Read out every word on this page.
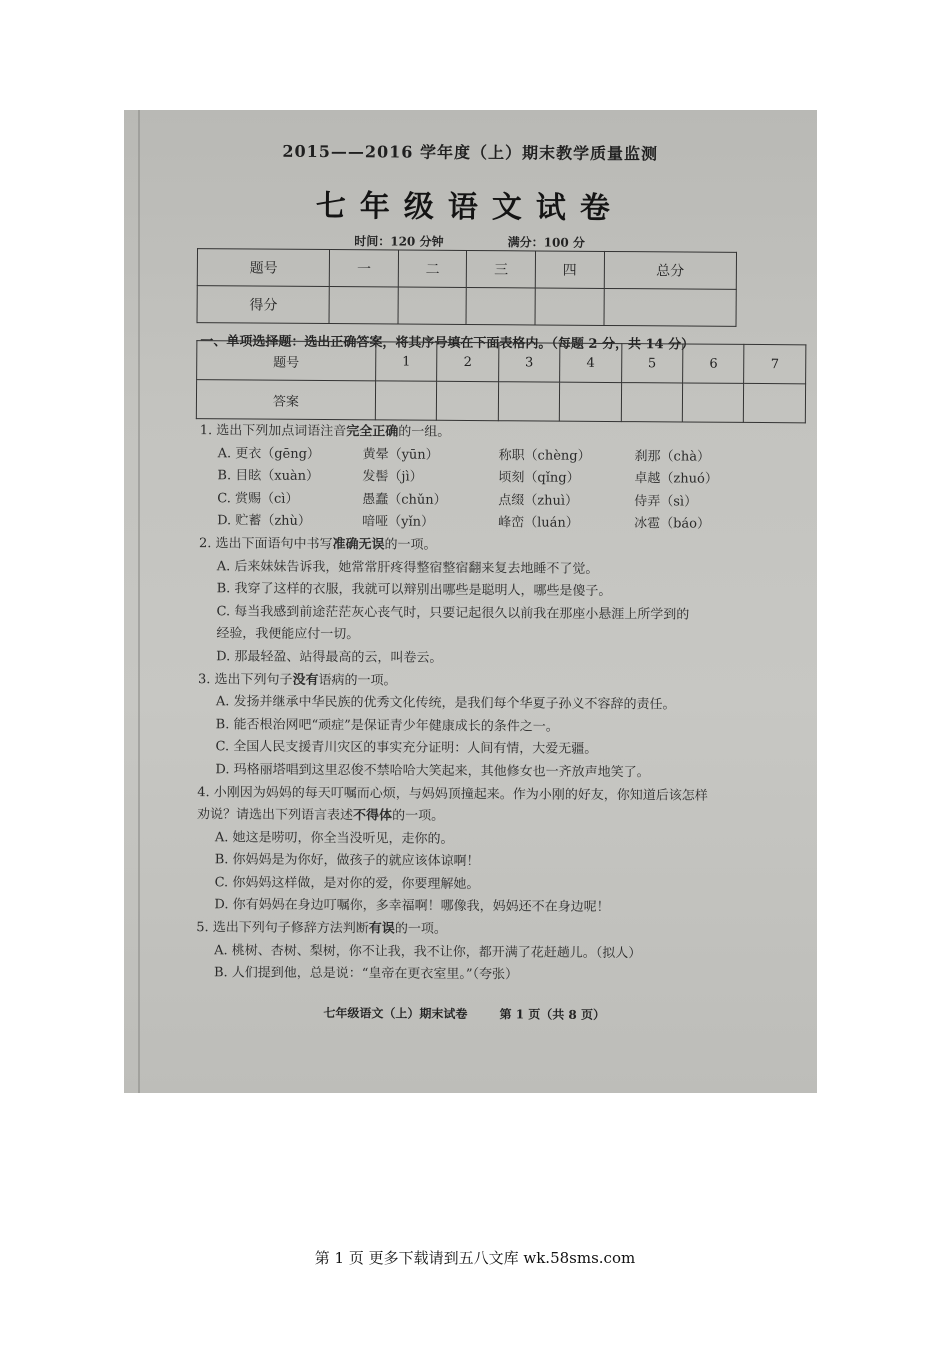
2015——2016 学年度（上）期末教学质量监测
七年级语文试卷
时间：120 分钟	满分：100 分
题号	一	二	三	四	总分
得分					
一、单项选择题：选出正确答案，将其序号填在下面表格内。（每题 2 分，共 14 分）
题号	1	2	3	4	5	6	7
答案							

1. 选出下列加点词语注音完全正确的一组。

A. 更衣（gēng）	黄晕（yūn）	称职（chèng）	刹那（chà）
B. 目眩（xuàn）	发髻（jì）	顷刻（qǐng）	卓越（zhuó）
C. 赏赐（cì）	愚蠢（chǔn）	点缀（zhuì）	侍弄（sì）
D. 贮蓄（zhù）	喑哑（yǐn）	峰峦（luán）	冰雹（báo）

2. 选出下面语句中书写准确无误的一项。

A. 后来妹妹告诉我，她常常肝疼得整宿整宿翻来复去地睡不了觉。

B. 我穿了这样的衣服，我就可以辩别出哪些是聪明人，哪些是傻子。

C. 每当我感到前途茫茫灰心丧气时，只要记起很久以前我在那座小悬涯上所学到的

经验，我便能应付一切。

D. 那最轻盈、站得最高的云，叫卷云。

3. 选出下列句子没有语病的一项。

A. 发扬并继承中华民族的优秀文化传统，是我们每个华夏子孙义不容辞的责任。

B. 能否根治网吧“顽症”是保证青少年健康成长的条件之一。

C. 全国人民支援青川灾区的事实充分证明：人间有情，大爱无疆。

D. 玛格丽塔唱到这里忍俊不禁哈哈大笑起来，其他修女也一齐放声地笑了。

4. 小刚因为妈妈的每天叮嘱而心烦，与妈妈顶撞起来。作为小刚的好友，你知道后该怎样

劝说？请选出下列语言表述不得体的一项。

A. 她这是唠叨，你全当没听见，走你的。

B. 你妈妈是为你好，做孩子的就应该体谅啊！

C. 你妈妈这样做，是对你的爱，你要理解她。

D. 你有妈妈在身边叮嘱你，多幸福啊！哪像我，妈妈还不在身边呢！

5. 选出下列句子修辞方法判断有误的一项。

A. 桃树、杏树、梨树，你不让我，我不让你，都开满了花赶趟儿。（拟人）

B. 人们提到他，总是说：“皇帝在更衣室里。”（夸张）

七年级语文（上）期末试卷	第 1 页（共 8 页）
第 1 页 更多下载请到五八文库 wk.58sms.com
